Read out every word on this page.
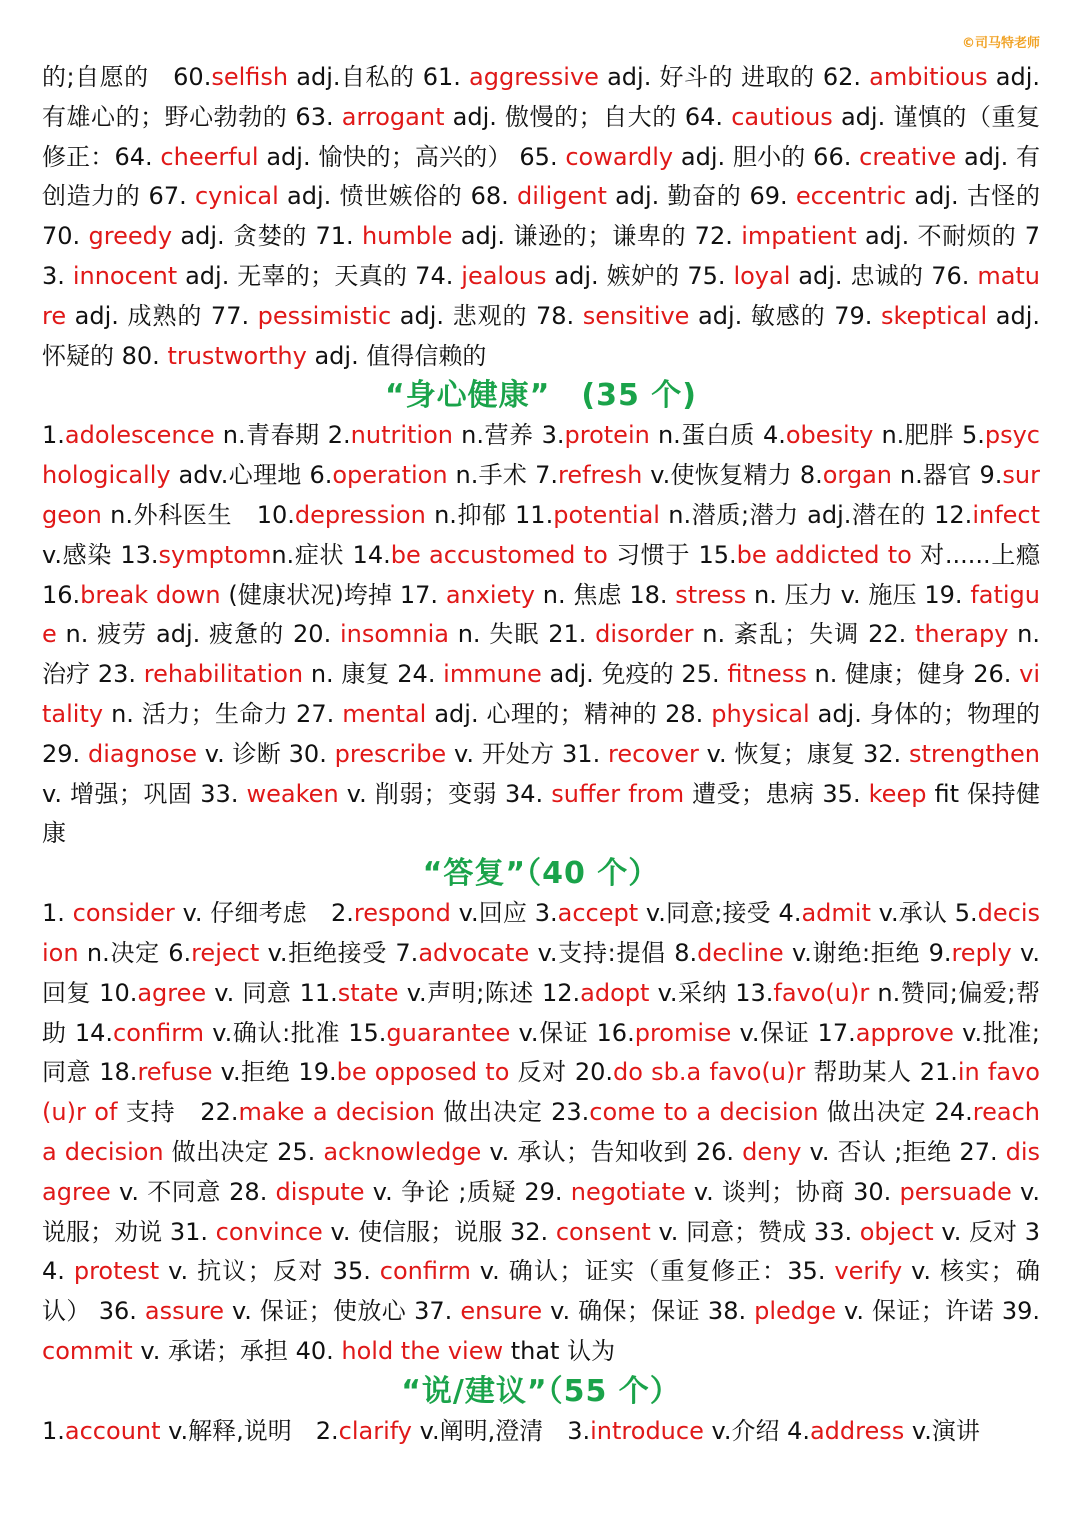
©司马特老师

的;自愿的　60.selfish adj.自私的 61. aggressive adj. 好斗的 进取的 62. ambitious adj. 有雄心的；野心勃勃的 63. arrogant adj. 傲慢的；自大的 64. cautious adj. 谨慎的（重复修正：64. cheerful adj. 愉快的；高兴的） 65. cowardly adj. 胆小的 66. creative adj. 有创造力的 67. cynical adj. 愤世嫉俗的 68. diligent adj. 勤奋的 69. eccentric adj. 古怪的 70. greedy adj. 贪婪的 71. humble adj. 谦逊的；谦卑的 72. impatient adj. 不耐烦的 73. innocent adj. 无辜的；天真的 74. jealous adj. 嫉妒的 75. loyal adj. 忠诚的 76. mature adj. 成熟的 77. pessimistic adj. 悲观的 78. sensitive adj. 敏感的 79. skeptical adj. 怀疑的 80. trustworthy adj. 值得信赖的

“身心健康”　(35 个)

1.adolescence n.青春期 2.nutrition n.营养 3.protein n.蛋白质 4.obesity n.肥胖 5.psychologically adv.心理地 6.operation n.手术 7.refresh v.使恢复精力 8.organ n.器官 9.surgeon n.外科医生　10.depression n.抑郁 11.potential n.潜质;潜力 adj.潜在的 12.infect v.感染 13.symptomn.症状 14.be accustomed to 习惯于 15.be addicted to 对......上瘾 16.break down (健康状况)垮掉 17. anxiety n. 焦虑 18. stress n. 压力 v. 施压 19. fatigue n. 疲劳 adj. 疲惫的 20. insomnia n. 失眠 21. disorder n. 紊乱；失调 22. therapy n. 治疗 23. rehabilitation n. 康复 24. immune adj. 免疫的 25. fitness n. 健康；健身 26. vitality n. 活力；生命力 27. mental adj. 心理的；精神的 28. physical adj. 身体的；物理的 29. diagnose v. 诊断 30. prescribe v. 开处方 31. recover v. 恢复；康复 32. strengthen v. 增强；巩固 33. weaken v. 削弱；变弱 34. suffer from 遭受；患病 35. keep fit 保持健康

“答复”（40 个）

1. consider v. 仔细考虑　2.respond v.回应 3.accept v.同意;接受 4.admit v.承认 5.decision n.决定 6.reject v.拒绝接受 7.advocate v.支持:提倡 8.decline v.谢绝:拒绝 9.reply v.回复 10.agree v. 同意 11.state v.声明;陈述 12.adopt v.采纳 13.favo(u)r n.赞同;偏爱;帮助 14.confirm v.确认:批准 15.guarantee v.保证 16.promise v.保证 17.approve v.批准;同意 18.refuse v.拒绝 19.be opposed to 反对 20.do sb.a favo(u)r 帮助某人 21.in favo(u)r of 支持　22.make a decision 做出决定 23.come to a decision 做出决定 24.reach a decision 做出决定 25. acknowledge v. 承认；告知收到 26. deny v. 否认 ;拒绝 27. disagree v. 不同意 28. dispute v. 争论 ;质疑 29. negotiate v. 谈判；协商 30. persuade v. 说服；劝说 31. convince v. 使信服；说服 32. consent v. 同意；赞成 33. object v. 反对 34. protest v. 抗议；反对 35. confirm v. 确认；证实（重复修正：35. verify v. 核实；确认） 36. assure v. 保证；使放心 37. ensure v. 确保；保证 38. pledge v. 保证；许诺 39. commit v. 承诺；承担 40. hold the view that 认为

“说/建议”（55 个）

1.account v.解释,说明　2.clarify v.阐明,澄清　3.introduce v.介绍 4.address v.演讲
